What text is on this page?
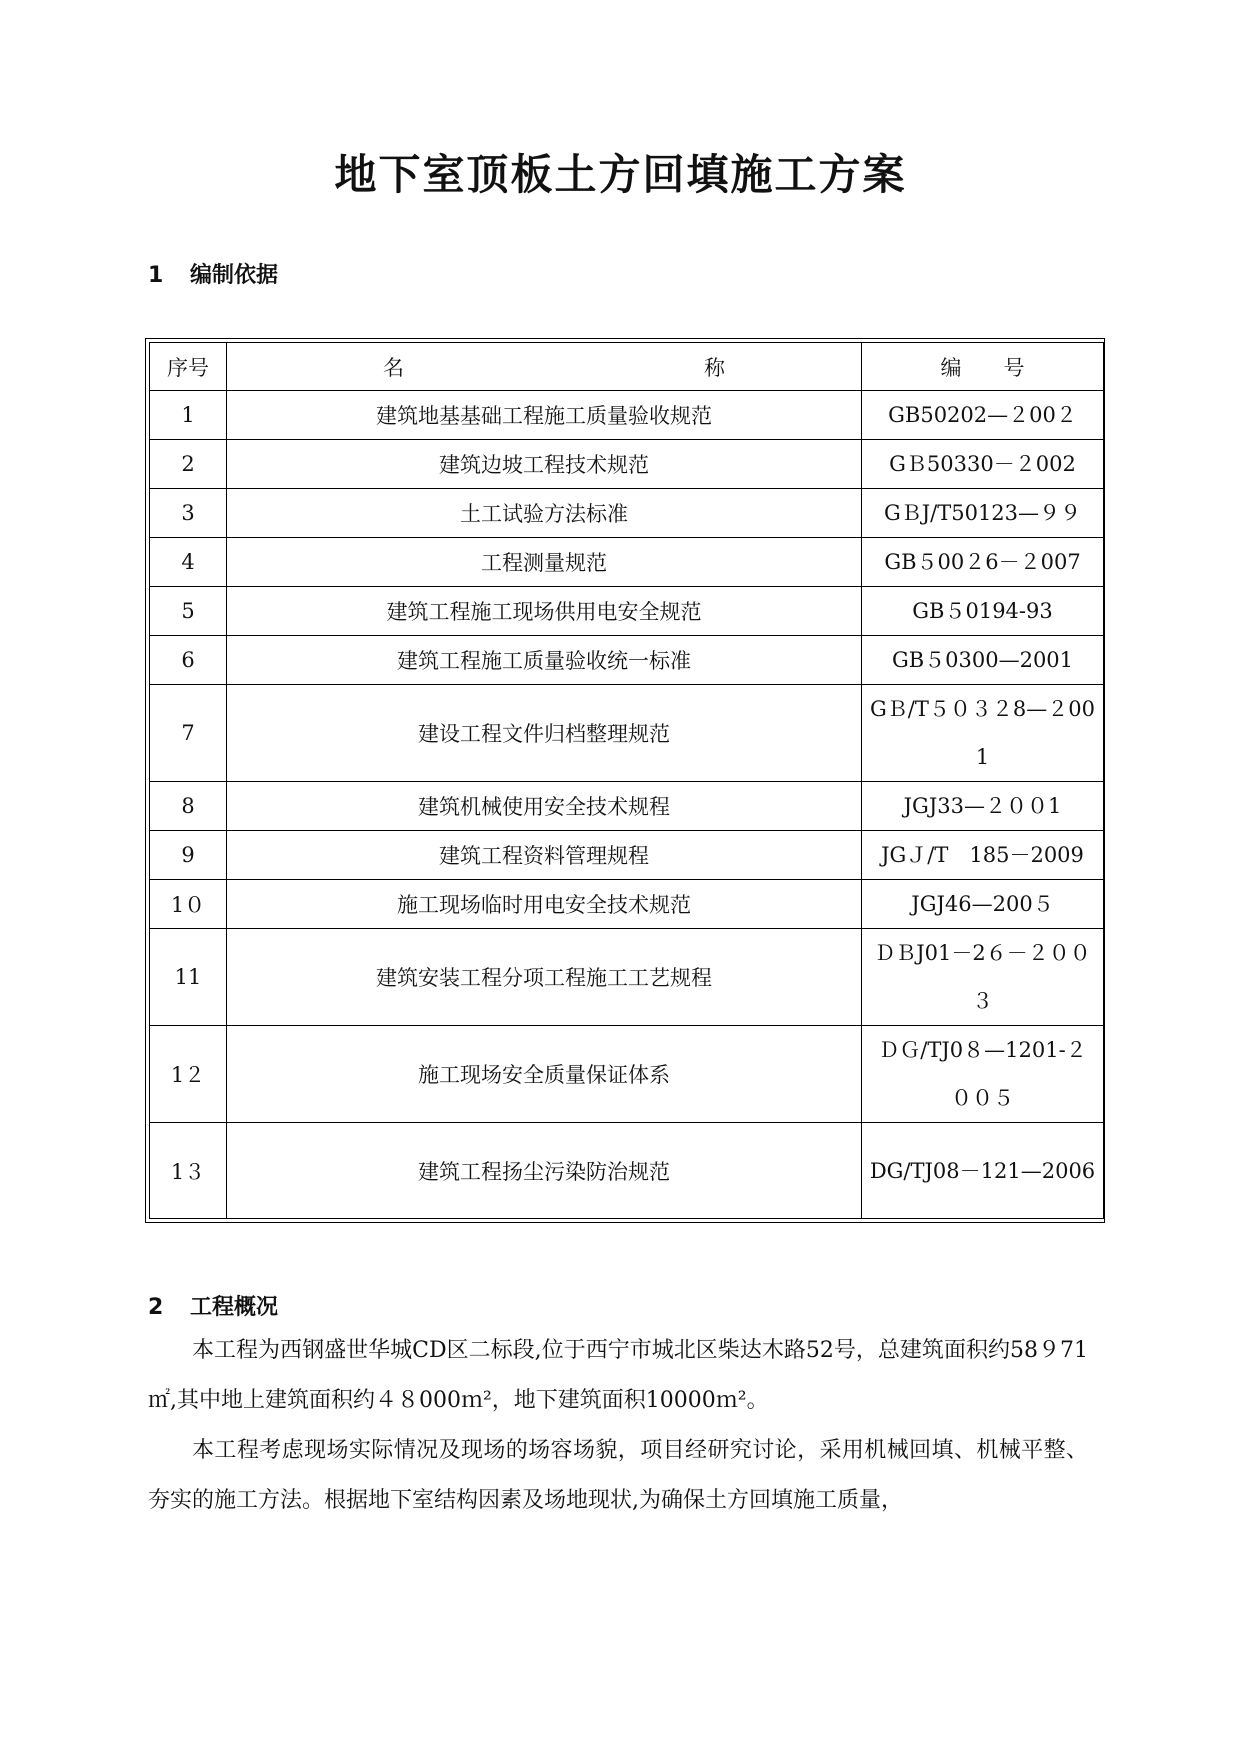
地下室顶板土方回填施工方案
1 编制依据
序号	名 称	编　　号
1	建筑地基基础工程施工质量验收规范	GB50202—２00２
2	建筑边坡工程技术规范	GＢ50330－２002
3	土工试验方法标准	GＢJ/T50123—９９
4	工程测量规范	GB５00２6－２007
5	建筑工程施工现场供用电安全规范	GB５0194-93
6	建筑工程施工质量验收统一标准	GB５0300—2001
7	建设工程文件归档整理规范	GＢ/T５０３２8—２001
8	建筑机械使用安全技术规程	JGJ33—２００1
9	建筑工程资料管理规程	JGＪ/T　185－2009
1０	施工现场临时用电安全技术规范	JGJ46—200５
11	建筑安装工程分项工程施工工艺规程	ＤＢJ01－2６－２００３
1２	施工现场安全质量保证体系	ＤＧ/TJ0８—1201-２００５
1３	建筑工程扬尘污染防治规范	DG/TJ08－121—2006
2 工程概况
本工程为西钢盛世华城CD区二标段,位于西宁市城北区柴达木路52号，总建筑面积约58９71㎡,其中地上建筑面积约４８000ｍ²，地下建筑面积10000ｍ²。
本工程考虑现场实际情况及现场的场容场貌，项目经研究讨论，采用机械回填、机械平整、夯实的施工方法。根据地下室结构因素及场地现状,为确保土方回填施工质量，
